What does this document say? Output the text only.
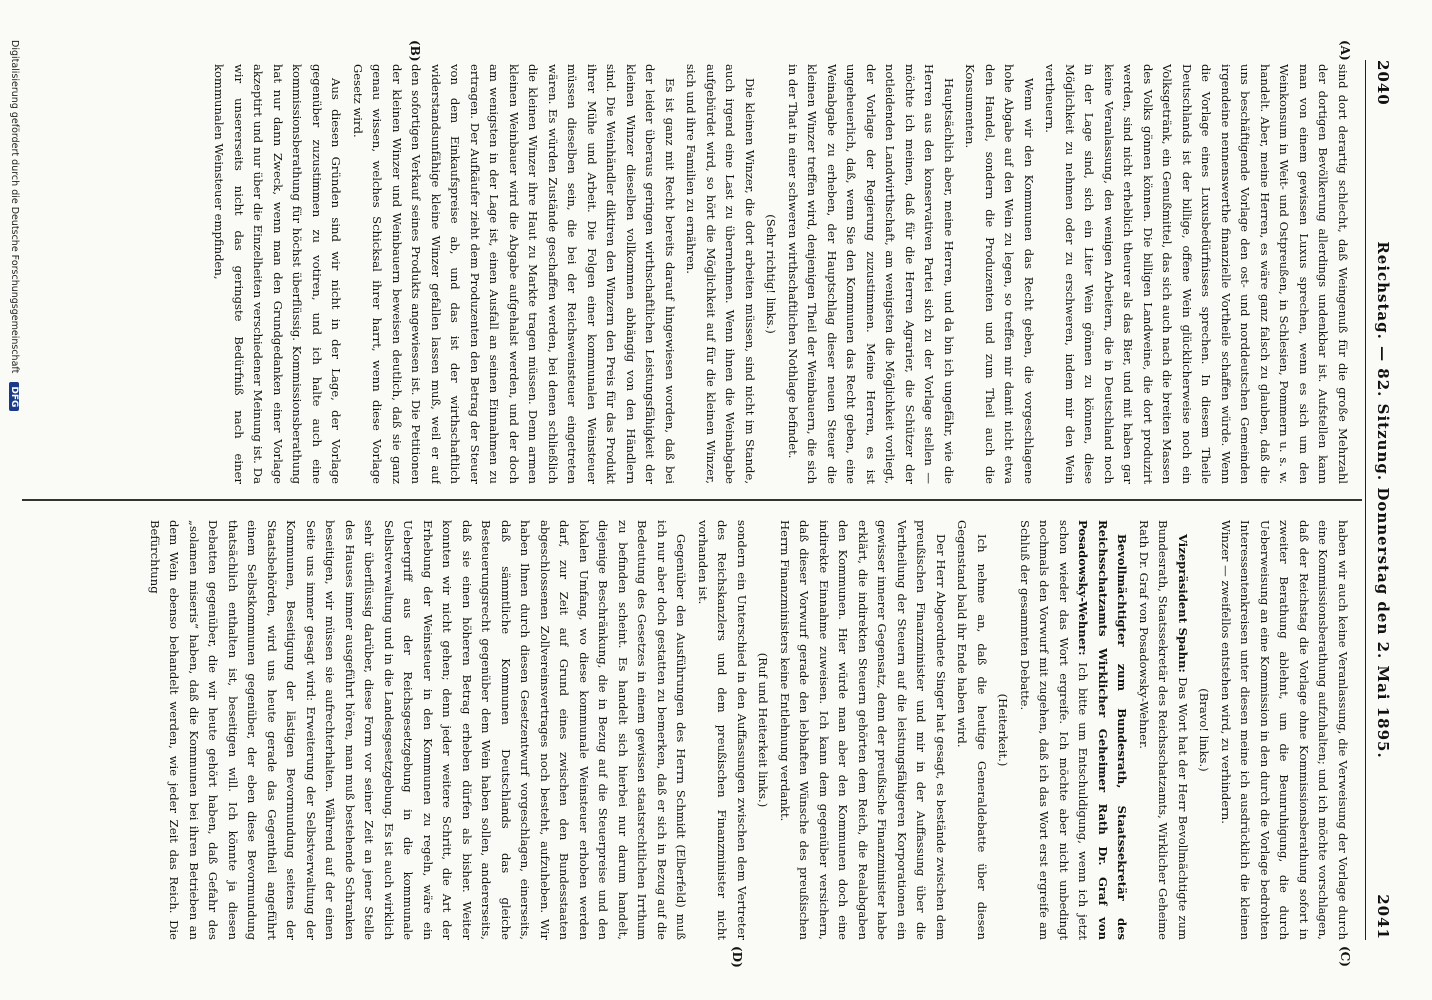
2040
Reichstag. — 82. Sitzung. Donnerstag den 2. Mai 1895.
2041
(A)
(B)
(C)
(D)

sind dort derartig schlecht, daß Weingenuß für die große Mehrzahl der dortigen Bevölkerung allerdings undenkbar ist. Aufstellen kann man von einem gewissen Luxus sprechen, wenn es sich um den Weinkonsum in Weit- und Ostpreußen, in Schlesien, Pommern u. s. w. handelt. Aber, meine Herren, es wäre ganz falsch zu glauben, daß die uns beschäftigende Vorlage den ost- und norddeutschen Gemeinden irgendeine nennenswerthe finanzielle Vortheile schaffen würde. Wenn die Vorlage eines Luxusbedürfnisses sprechen. In diesem Theile Deutschlands ist der billige, offene Wein glücklicherweise noch ein Volksgetränk, ein Genußmittel, das sich auch nach die breiten Massen des Volks gönnen können. Die billigen Landweine, die dort produzirt werden, sind nicht erheblich theurer als das Bier, und mit haben gar keine Veranlassung, den wenigen Arbeitern, die in Deutschland noch in der Lage sind, sich ein Liter Wein gönnen zu können, diese Möglichkeit zu nehmen oder zu erschweren, indem mir den Wein vertheuern.

Wenn wir den Kommunen das Recht geben, die vorgeschlagene hohe Abgabe auf den Wein zu legen, so treffen mir damit nicht etwa den Handel, sondern die Produzenten und zum Theil auch die Konsumenten.

Hauptsächlich aber, meine Herren, und da bin ich ungefähr, wie die Herren aus den konservativen Partei sich zu der Vorlage stellen — möchte ich meinen, daß für die Herren Agrarier, die Schützer der notleidenden Landwirthschaft, am wenigsten die Möglichkeit vorliegt, der Vorlage der Regierung zuzustimmen. Meine Herren, es ist ungeheuerlich, daß, wenn Sie den Kommunen das Recht geben, eine Weinabgabe zu erheben, der Hauptschlag dieser neuen Steuer die kleinen Winzer treffen wird, denjenigen Theil der Weinbauern, die sich in der That in einer schweren wirthschaftlichen Nothlage befindet.

(Sehr richtig! links.)

Die kleinen Winzer, die dort arbeiten müssen, sind nicht im Stande, auch irgend eine Last zu übernehmen. Wenn ihnen die Weinabgabe aufgebürdet wird, so hört die Möglichkeit auf für die kleinen Winzer, sich und ihre Familien zu ernähren.

Es ist ganz mit Recht bereits darauf hingewiesen worden, daß bei der leider überaus geringen wirthschaftlichen Leistungsfähigkeit der kleinen Winzer dieselben vollkommen abhängig von den Händlern sind. Die Weinhändler diktiren den Winzern den Preis für das Produkt ihrer Mühe und Arbeit. Die Folgen einer kommunalen Weinsteuer müssen dieselben sein, die bei der Reichsweinsteuer eingetreten wären. Es würden Zustände geschaffen werden, bei denen schließlich die kleinen Winzer ihre Haut zu Markte tragen müssen. Denn armen kleinen Weinbauer wird die Abgabe aufgehalst werden, und der doch am wenigsten in der Lage ist, einen Ausfall an seinen Einnahmen zu ertragen. Der Aufkäufer zieht dem Produzenten den Betrag der Steuer von dem Einkaufspreise ab, und das ist der wirthschaftlich widerstandsunfähige kleine Winzer gefallen lassen muß, weil er auf den sofortigen Verkauf seines Produkts angewiesen ist. Die Petitionen der kleinen Winzer und Weinbauern beweisen deutlich, daß sie ganz genau wissen, welches Schicksal ihrer harrt, wenn diese Vorlage Gesetz wird.

Aus diesen Gründen sind wir nicht in der Lage, der Vorlage gegenüber zuzustimmen zu votiren, und ich halte auch eine kommissionsberathung für höchst überflüssig. Kommissionsberathung hat nur dann Zweck, wenn man den Grundgedanken einer Vorlage akzeptirt und nur über die Einzelheiten verschiedener Meinung ist. Da wir unsererseits nicht das geringste Bedürfniß nach einer kommunalen Weinsteuer empfinden,

haben wir auch keine Veranlassung, die Verweisung der Vorlage durch eine Kommissionsberathung aufzuhalten; und ich möchte vorschlagen, daß der Reichstag die Vorlage ohne Kommissionsberathung sofort in zweiter Berathung ablehnt, um die Beunruhigung, die durch Ueberweisung an eine Kommission in den durch die Vorlage bedrohten Interessentenkreisen unter diesen meine ich ausdrücklich die kleinen Winzer — zweifellos entstehen wird, zu verhindern.

(Bravo! links.)

Vizepräsident Spahn: Das Wort hat der Herr Bevollmächtigte zum Bundesrath, Staatssekretär des Reichsschatzamts, Wirklicher Geheime Rath Dr. Graf von Posadowsky-Wehner.

Bevollmächtigter zum Bundesrath, Staatssekretär des Reichsschatzamts Wirklicher Geheimer Rath Dr. Graf von Posadowsky-Wehner: Ich bitte um Entschuldigung, wenn ich jetzt schon wieder das Wort ergreife. Ich möchte aber nicht unbedingt nochmals den Vorwurf mit zugehen, daß ich das Wort erst ergreife am Schluß der gesammten Debatte.

(Heiterkeit.)

Ich nehme an, daß die heutige Generaldebatte über diesen Gegenstand bald ihr Ende haben wird.

Der Herr Abgeordnete Singer hat gesagt, es bestände zwischen dem preußischen Finanzminister und mir in der Auffassung über die Vertheilung der Steuern auf die leistungsfähigeren Korporationen ein gewisser innerer Gegensatz, denn der preußische Finanzminister habe erklärt, die indirekten Steuern gehörten dem Reich, die Realabgaben den Kommunen. Hier würde man aber den Kommunen doch eine indirekte Einnahme zuweisen. Ich kann dem gegenüber versichern, daß dieser Vorwurf gerade den lebhaften Wünsche des preußischen Herrn Finanzministers keine Entlehnung verdankt.

(Ruf und Heiterkeit links.)

sondern ein Unterschied in den Auffassungen zwischen dem Vertreter des Reichskanzlers und dem preußischen Finanzminister nicht vorhanden ist.

Gegenüber den Ausführungen des Herrn Schmidt (Elberfeld) muß ich nur aber doch gestatten zu bemerken, daß er sich in Bezug auf die Bedeutung des Gesetzes in einem gewissen staatsrechtlichen Irrthum zu befinden scheint. Es handelt sich hierbei nur darum handelt, diejenige Beschränkung, die in Bezug auf die Steuerpreise und den lokalen Umfang, wo diese kommunale Weinsteuer erhoben werden darf, zur Zeit auf Grund eines zwischen den Bundesstaaten abgeschlossenen Zollvereinsvertrages noch besteht, aufzuheben. Wir haben Ihnen durch diesen Gesetzentwurf vorgeschlagen, einerseits, daß sämmtliche Kommunen Deutschlands das gleiche Besteuerungsrecht gegenüber dem Wein haben sollen, andererseits, daß sie einen höheren Betrag erheben dürfen als bisher. Weiter konnten wir nicht gehen; denn jeder weitere Schritt, die Art der Erhebung der Weinsteuer in den Kommunen zu regeln, wäre ein Uebergriff aus der Reichsgesetzgebung in die kommunale Selbstverwaltung und in die Landesgesetzgebung. Es ist auch wirklich sehr überflüssig darüber, diese Form vor seiner Zeit an jener Stelle des Hauses immer ausgeführt hören, man muß bestehende Schranken beseitigen, wir müssen sie aufrechterhalten. Während auf der einen Seite uns immer gesagt wird: Erweiterung der Selbstverwaltung der Kommunen, Beseitigung der lästigen Bevormundung seitens der Staatsbehörden, wird uns heute gerade das Gegentheil angeführt einem Selbstkommunen gegenüber, der eben diese Bevormundung thatsächlich enthalten ist, beseitigen will. Ich könnte ja diesen Debatten gegenüber, die wir heute gehört haben, daß Gefahr des „solamen miseris“ haben, daß die Kommunen bei ihren Betrieben an dem Wein ebenso behandelt werden, wie jeder Zeit das Reich. Die Befürchtung

Digitalisierung gefördert durch die Deutsche Forschungsgemeinschaft DFG
